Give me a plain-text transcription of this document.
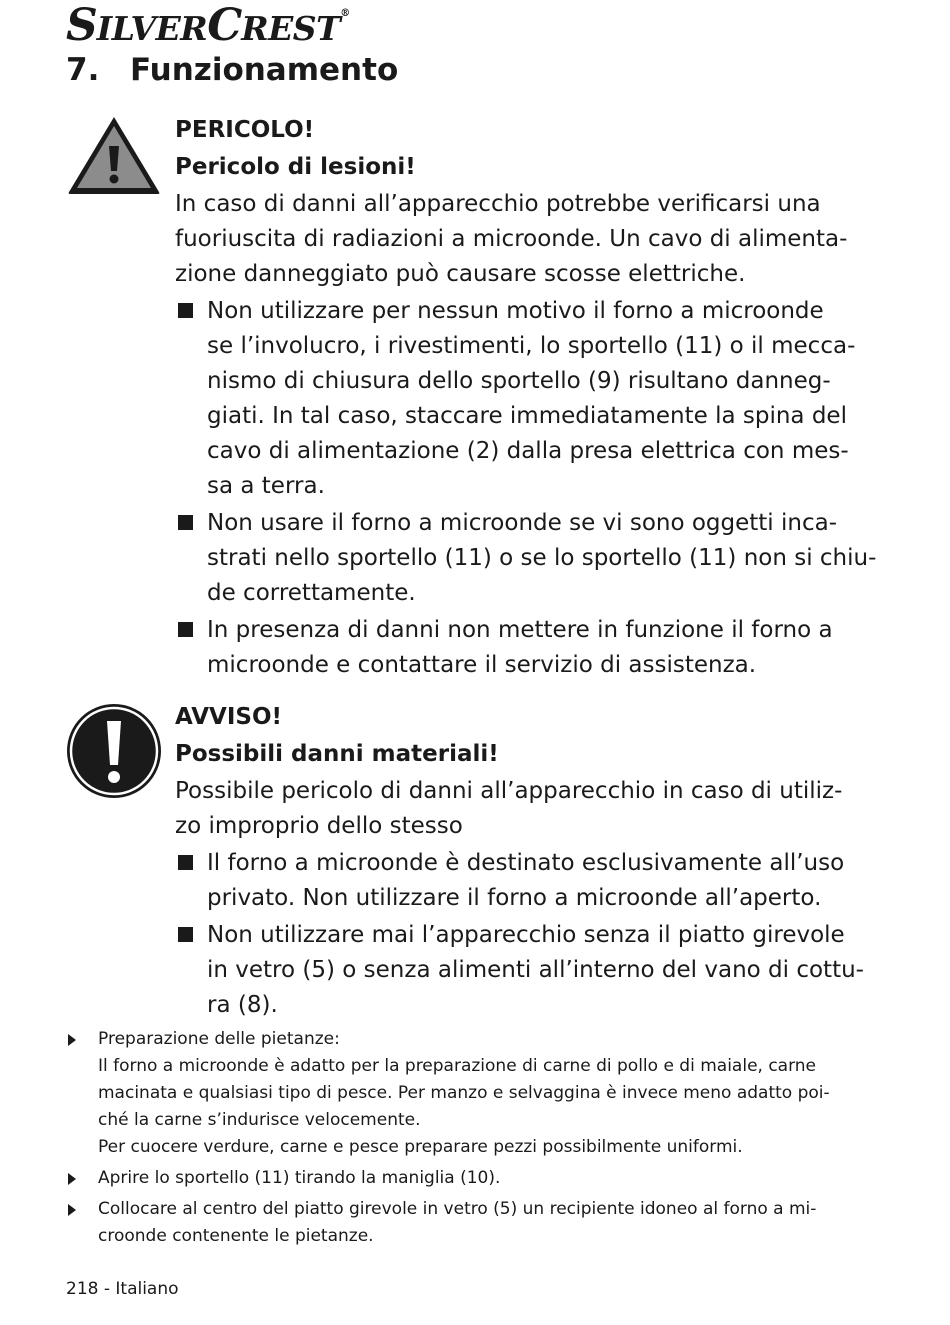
SILVERCREST®
7. Funzionamento
PERICOLO!
Pericolo di lesioni!
In caso di danni all’apparecchio potrebbe verificarsi una
fuoriuscita di radiazioni a microonde. Un cavo di alimenta-
zione danneggiato può causare scosse elettriche.
Non utilizzare per nessun motivo il forno a microonde
se l’involucro, i rivestimenti, lo sportello (11) o il mecca-
nismo di chiusura dello sportello (9) risultano danneg-
giati. In tal caso, staccare immediatamente la spina del
cavo di alimentazione (2) dalla presa elettrica con mes-
sa a terra.
Non usare il forno a microonde se vi sono oggetti inca-
strati nello sportello (11) o se lo sportello (11) non si chiu-
de correttamente.
In presenza di danni non mettere in funzione il forno a
microonde e contattare il servizio di assistenza.
AVVISO!
Possibili danni materiali!
Possibile pericolo di danni all’apparecchio in caso di utiliz-
zo improprio dello stesso
Il forno a microonde è destinato esclusivamente all’uso
privato. Non utilizzare il forno a microonde all’aperto.
Non utilizzare mai l’apparecchio senza il piatto girevole
in vetro (5) o senza alimenti all’interno del vano di cottu-
ra (8).
Preparazione delle pietanze:
Il forno a microonde è adatto per la preparazione di carne di pollo e di maiale, carne
macinata e qualsiasi tipo di pesce. Per manzo e selvaggina è invece meno adatto poi-
ché la carne s’indurisce velocemente.
Per cuocere verdure, carne e pesce preparare pezzi possibilmente uniformi.
Aprire lo sportello (11) tirando la maniglia (10).
Collocare al centro del piatto girevole in vetro (5) un recipiente idoneo al forno a mi-
croonde contenente le pietanze.
218 - Italiano
